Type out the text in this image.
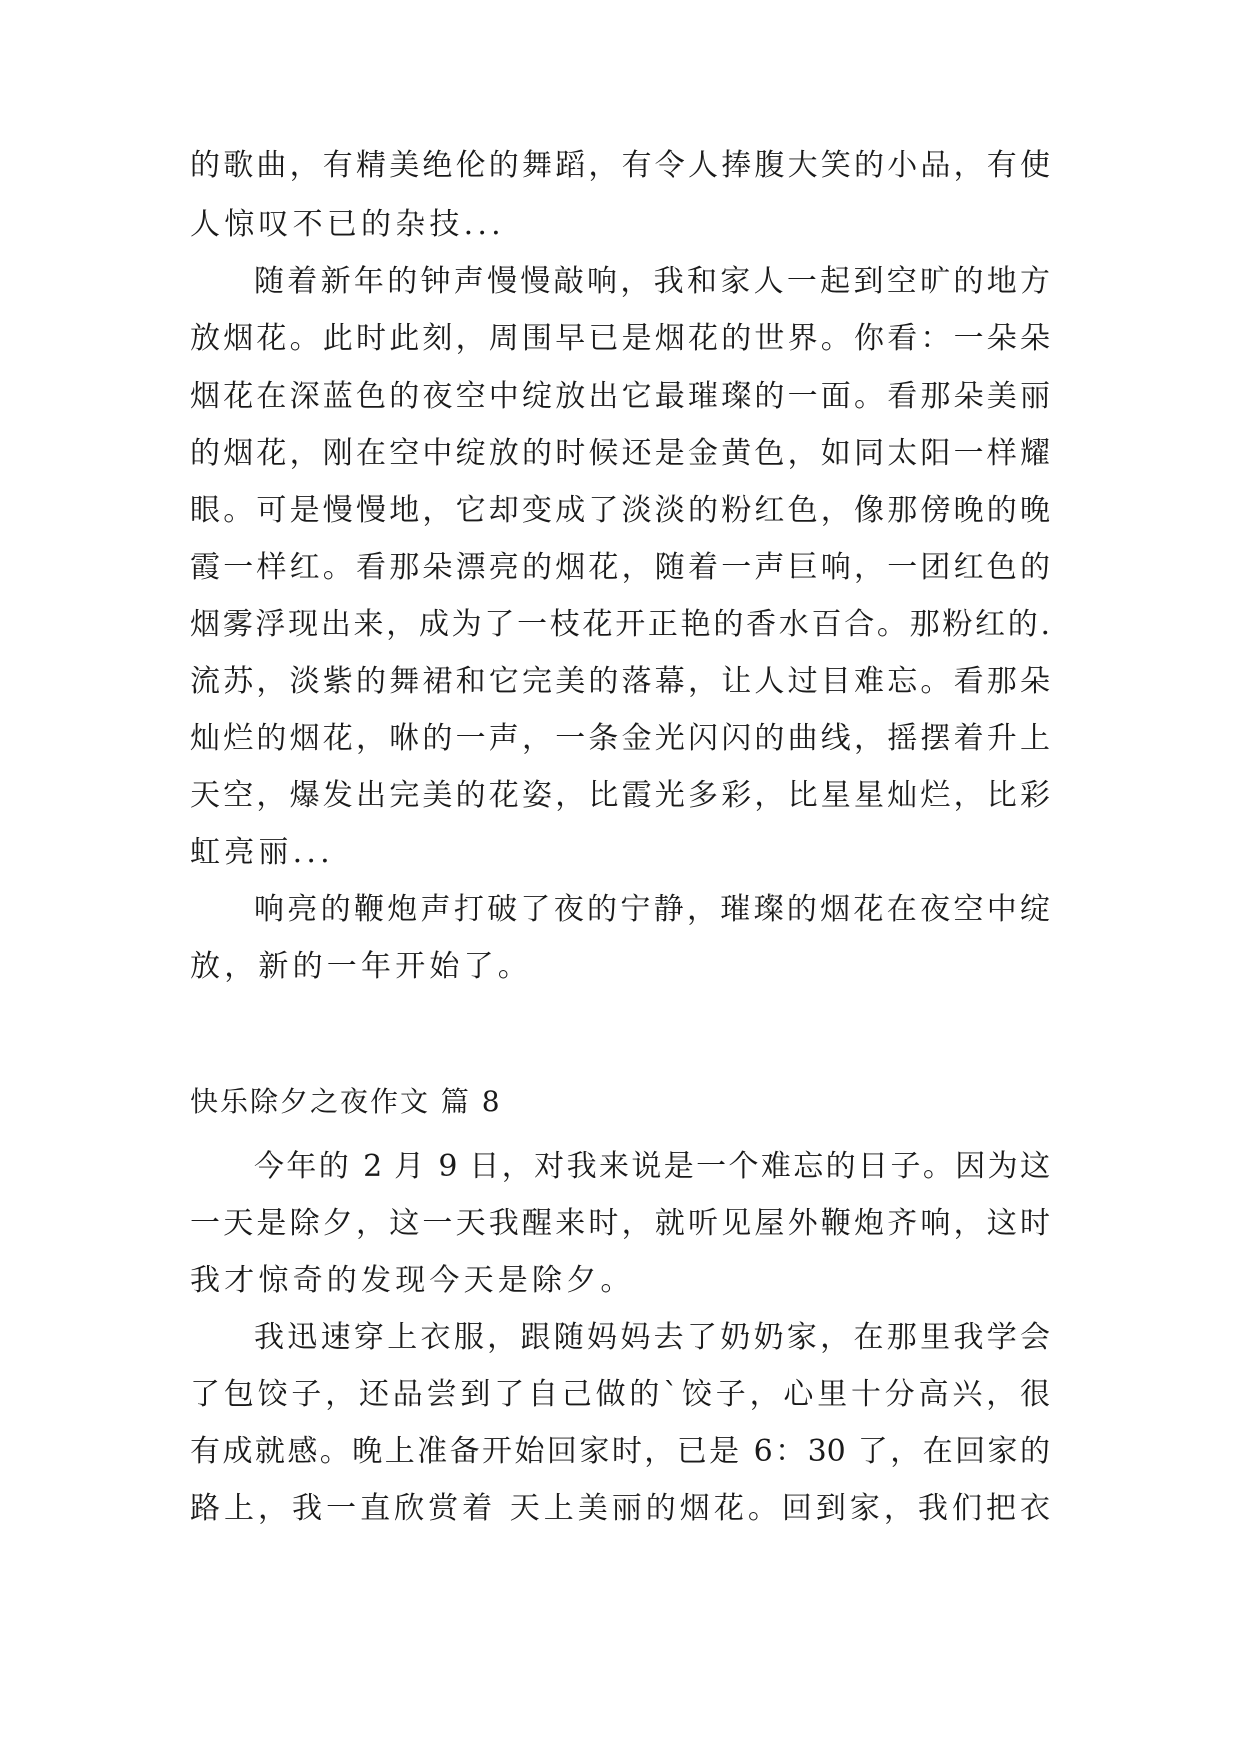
的歌曲，有精美绝伦的舞蹈，有令人捧腹大笑的小品，有使
人惊叹不已的杂技...
随着新年的钟声慢慢敲响，我和家人一起到空旷的地方
放烟花。此时此刻，周围早已是烟花的世界。你看：一朵朵
烟花在深蓝色的夜空中绽放出它最璀璨的一面。看那朵美丽
的烟花，刚在空中绽放的时候还是金黄色，如同太阳一样耀
眼。可是慢慢地，它却变成了淡淡的粉红色，像那傍晚的晚
霞一样红。看那朵漂亮的烟花，随着一声巨响，一团红色的
烟雾浮现出来，成为了一枝花开正艳的香水百合。那粉红的.
流苏，淡紫的舞裙和它完美的落幕，让人过目难忘。看那朵
灿烂的烟花，咻的一声，一条金光闪闪的曲线，摇摆着升上
天空，爆发出完美的花姿，比霞光多彩，比星星灿烂，比彩
虹亮丽...
响亮的鞭炮声打破了夜的宁静，璀璨的烟花在夜空中绽
放，新的一年开始了。
快乐除夕之夜作文 篇 8
今年的 2 月 9 日，对我来说是一个难忘的日子。因为这
一天是除夕，这一天我醒来时，就听见屋外鞭炮齐响，这时
我才惊奇的发现今天是除夕。
我迅速穿上衣服，跟随妈妈去了奶奶家，在那里我学会
了包饺子，还品尝到了自己做的`饺子，心里十分高兴，很
有成就感。晚上准备开始回家时，已是 6：30 了，在回家的
路上，我一直欣赏着 天上美丽的烟花。回到家，我们把衣
